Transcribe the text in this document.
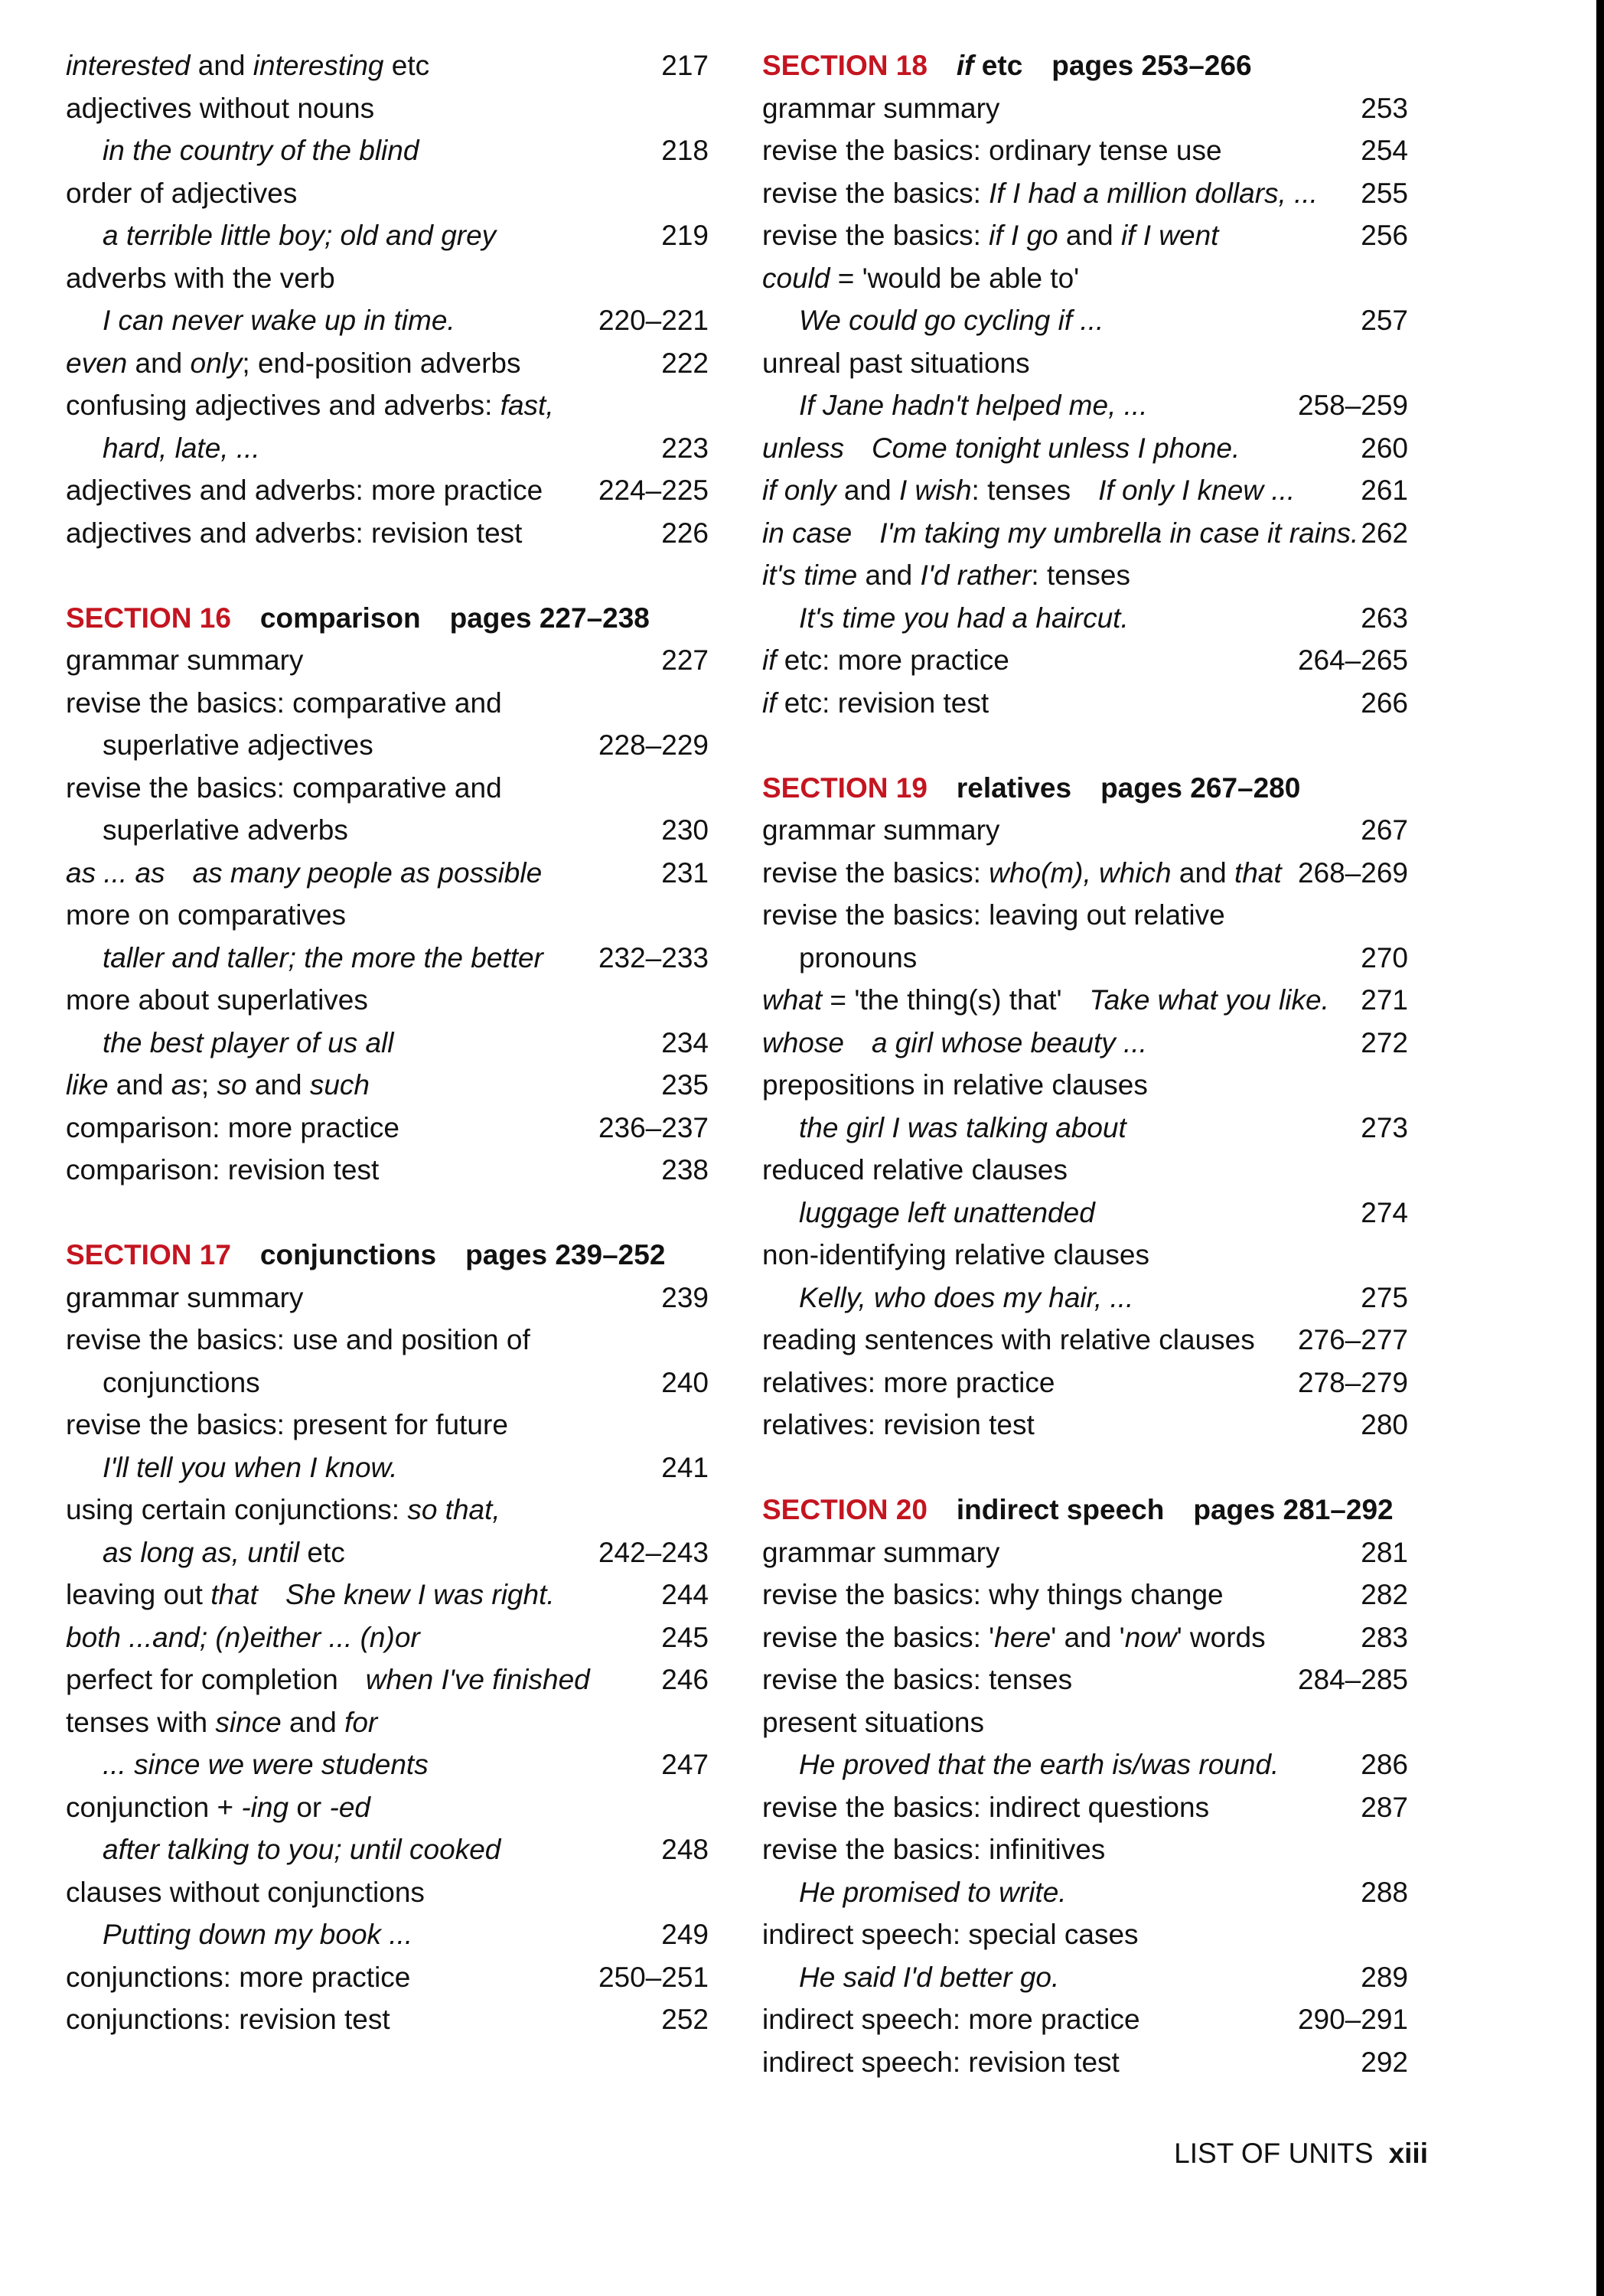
interested and interesting etc	217
adjectives without nouns
in the country of the blind	218
order of adjectives
a terrible little boy; old and grey	219
adverbs with the verb
I can never wake up in time.	220–221
even and only; end-position adverbs	222
confusing adjectives and adverbs: fast,
hard, late, ...	223
adjectives and adverbs: more practice 224–225
adjectives and adverbs: revision test	226
SECTION 16 comparison pages 227–238
grammar summary	227
revise the basics: comparative and
superlative adjectives	228–229
revise the basics: comparative and
superlative adverbs	230
as ... as as many people as possible	231
more on comparatives
taller and taller; the more the better 232–233
more about superlatives
the best player of us all	234
like and as; so and such	235
comparison: more practice	236–237
comparison: revision test	238
SECTION 17 conjunctions pages 239–252
grammar summary	239
revise the basics: use and position of
conjunctions	240
revise the basics: present for future
I'll tell you when I know.	241
using certain conjunctions: so that,
as long as, until etc	242–243
leaving out that She knew I was right.	244
both ...and; (n)either ... (n)or	245
perfect for completion when I've finished	246
tenses with since and for
... since we were students	247
conjunction + -ing or -ed
after talking to you; until cooked	248
clauses without conjunctions
Putting down my book ...	249
conjunctions: more practice	250–251
conjunctions: revision test	252
SECTION 18 if etc pages 253–266
grammar summary	253
revise the basics: ordinary tense use	254
revise the basics: If I had a million dollars, ... 255
revise the basics: if I go and if I went	256
could = 'would be able to'
We could go cycling if ...	257
unreal past situations
If Jane hadn't helped me, ...	258–259
unless Come tonight unless I phone.	260
if only and I wish: tenses If only I knew ... 261
in case I'm taking my umbrella in case it rains. 262
it's time and I'd rather: tenses
It's time you had a haircut.	263
if etc: more practice	264–265
if etc: revision test	266
SECTION 19 relatives pages 267–280
grammar summary	267
revise the basics: who(m), which and that 268–269
revise the basics: leaving out relative
pronouns	270
what = 'the thing(s) that' Take what you like. 271
whose a girl whose beauty ...	272
prepositions in relative clauses
the girl I was talking about	273
reduced relative clauses
luggage left unattended	274
non-identifying relative clauses
Kelly, who does my hair, ...	275
reading sentences with relative clauses 276–277
relatives: more practice	278–279
relatives: revision test	280
SECTION 20 indirect speech pages 281–292
grammar summary	281
revise the basics: why things change	282
revise the basics: 'here' and 'now' words	283
revise the basics: tenses	284–285
present situations
He proved that the earth is/was round.	286
revise the basics: indirect questions	287
revise the basics: infinitives
He promised to write.	288
indirect speech: special cases
He said I'd better go.	289
indirect speech: more practice	290–291
indirect speech: revision test	292
LIST OF UNITS xiii
